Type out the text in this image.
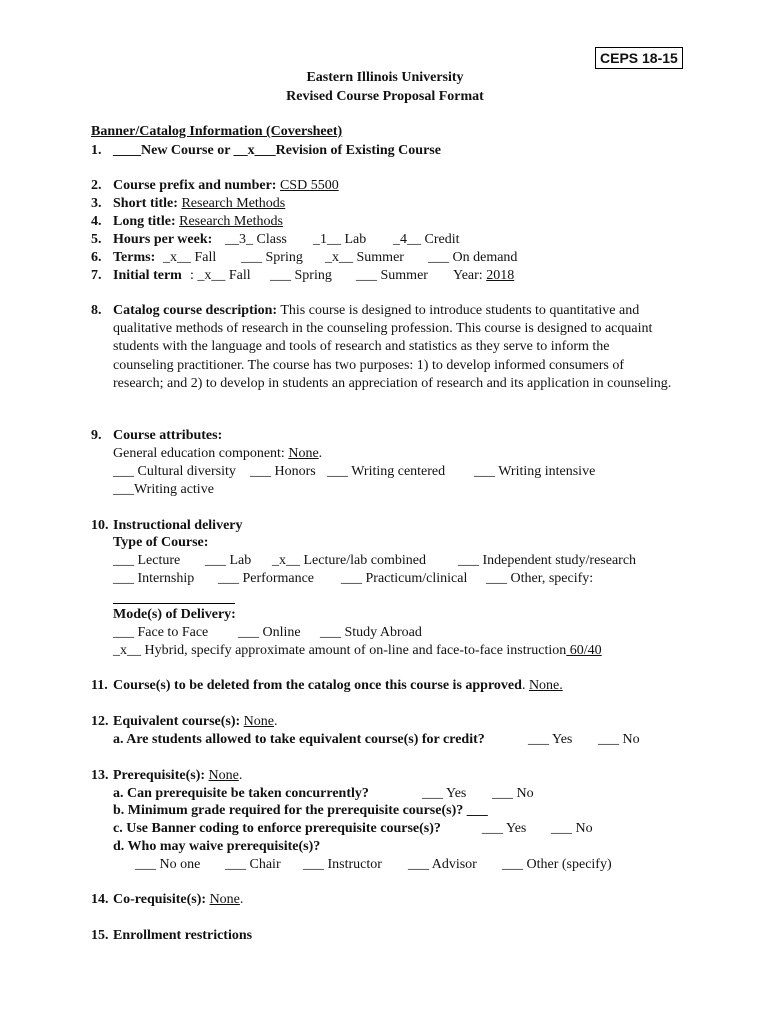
CEPS 18-15
Eastern Illinois University
Revised Course Proposal Format
Banner/Catalog Information (Coversheet)
1. ____New Course or __x___Revision of Existing Course
2. Course prefix and number: CSD 5500
3. Short title: Research Methods
4. Long title: Research Methods
5. Hours per week: __3_ Class _1__ Lab _4__ Credit
6. Terms: _x__ Fall ___ Spring _x__ Summer ___ On demand
7. Initial term : _x__ Fall ___ Spring ___ Summer Year: 2018
8. Catalog course description: This course is designed to introduce students to quantitative and qualitative methods of research in the counseling profession. This course is designed to acquaint students with the language and tools of research and statistics as they serve to inform the counseling practitioner. The course has two purposes: 1) to develop informed consumers of research; and 2) to develop in students an appreciation of research and its application in counseling.
9. Course attributes:
General education component: None.
___ Cultural diversity ___ Honors ___ Writing centered ___ Writing intensive
___Writing active
10. Instructional delivery
Type of Course:
___ Lecture ___ Lab _x__ Lecture/lab combined ___ Independent study/research
___ Internship ___ Performance ___ Practicum/clinical ___ Other, specify:
Mode(s) of Delivery:
___ Face to Face ___ Online ___ Study Abroad
_x__ Hybrid, specify approximate amount of on-line and face-to-face instruction 60/40
11. Course(s) to be deleted from the catalog once this course is approved. None.
12. Equivalent course(s): None.
a. Are students allowed to take equivalent course(s) for credit?	___ Yes ___ No
13. Prerequisite(s): None.
a. Can prerequisite be taken concurrently?	___ Yes ___ No
b. Minimum grade required for the prerequisite course(s)? ___
c. Use Banner coding to enforce prerequisite course(s)?	___ Yes ___ No
d. Who may waive prerequisite(s)?
___ No one ___ Chair ___ Instructor ___ Advisor ___ Other (specify)
14. Co-requisite(s): None.
15. Enrollment restrictions
